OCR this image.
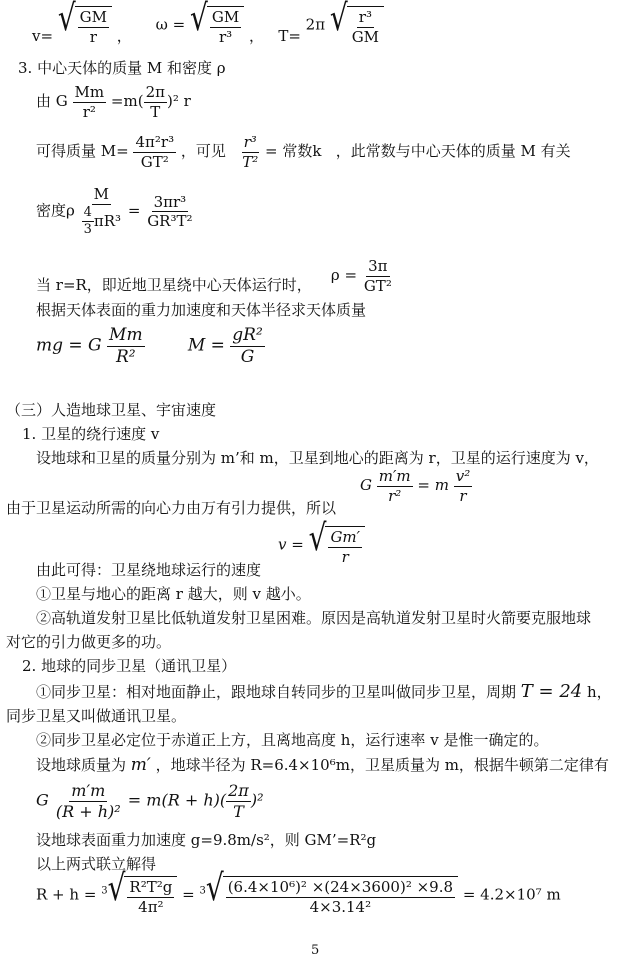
v= √ $\frac{GM}{r}$ ，     ω = √ $\frac{GM}{\text{r³}}$ ， T= 2π √ $\frac{\text{r³}}{GM}$
3. 中心天体的质量 M 和密度 ρ
由 G $\frac{Mm}{\text{r²}} =m( \frac{2\pi}{T} )^2$ r
可得质量 $M= \frac{\text{4π²r³}}{\text{GT²}}$ ，可见 $\frac{\text{r³}}{\text{T²}}$ = 常数k ，此常数与中心天体的质量 M 有关
密度ρ $\frac{M}{\frac{4}{3} \pi R^3} = \frac{\text{3πr³}}{\text{GR³T²}}$
当 r=R，即近地卫星绕中心天体运行时，    $\rho = \frac{3\pi}{\text{GT²}}$
根据天体表面的重力加速度和天体半径求天体质量
mg = G $\frac{Mm}{\text{R²}}$	$M = \frac{\text{gR²}}{G}$
（三）人造地球卫星、宇宙速度
1. 卫星的绕行速度 v
设地球和卫星的质量分别为 m’和 m，卫星到地心的距离为 r，卫星的运行速度为 v，
G $\frac{m'm}{\text{r²}} = m \frac{\text{v²}}{r}$
由于卫星运动所需的向心力由万有引力提供，所以
v = √ $\frac{Gm'}{r}$
由此可得：卫星绕地球运行的速度
①卫星与地心的距离 r 越大，则 v 越小。
②高轨道发射卫星比低轨道发射卫星困难。原因是高轨道发射卫星时火箭要克服地球
对它的引力做更多的功。
2. 地球的同步卫星（通讯卫星）
①同步卫星：相对地面静止，跟地球自转同步的卫星叫做同步卫星，周期 T = 24 h，
同步卫星又叫做通讯卫星。
②同步卫星必定位于赤道正上方，且离地高度 h，运行速率 v 是惟一确定的。
设地球质量为 m′ ，地球半径为 R=6.4×10⁶m，卫星质量为 m，根据牛顿第二定律有
G $\frac{m'm}{\text{(R + h)²}} = m(R + h)( \frac{2\pi}{T} )^2$
设地球表面重力加速度 g=9.8m/s²，则 GM’=R²g
以上两式联立解得
R + h = $^3$ √ $\frac{\text{R²T²g}}{\text{4π²}} = ^3$ √ $\frac{\text{(6.4×10⁶)² ×(24×3600)² ×9.8}}{\text{4×3.14²}} = 4.2\times 10^7$ m
5
